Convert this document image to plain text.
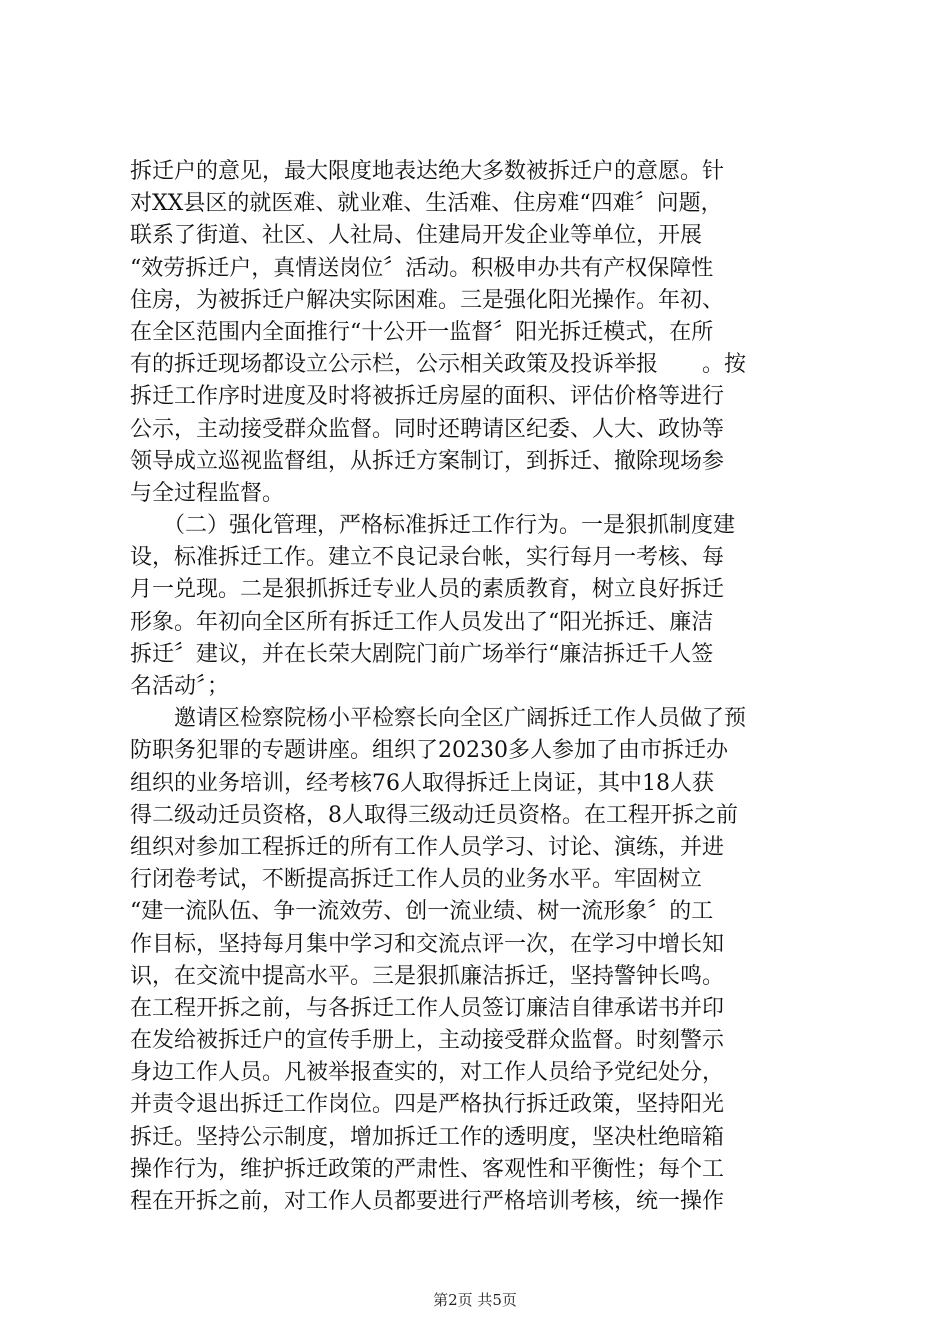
拆迁户的意见，最大限度地表达绝大多数被拆迁户的意愿。针
对XX县区的就医难、就业难、生活难、住房难“四难〞问题，
联系了街道、社区、人社局、住建局开发企业等单位，开展
“效劳拆迁户，真情送岗位〞活动。积极申办共有产权保障性
住房，为被拆迁户解决实际困难。三是强化阳光操作。年初、
在全区范围内全面推行“十公开一监督〞阳光拆迁模式，在所
有的拆迁现场都设立公示栏，公示相关政策及投诉举报　　。按
拆迁工作序时进度及时将被拆迁房屋的面积、评估价格等进行
公示，主动接受群众监督。同时还聘请区纪委、人大、政协等
领导成立巡视监督组，从拆迁方案制订，到拆迁、撤除现场参
与全过程监督。
　　（二）强化管理，严格标准拆迁工作行为。一是狠抓制度建
设，标准拆迁工作。建立不良记录台帐，实行每月一考核、每
月一兑现。二是狠抓拆迁专业人员的素质教育，树立良好拆迁
形象。年初向全区所有拆迁工作人员发出了“阳光拆迁、廉洁
拆迁〞建议，并在长荣大剧院门前广场举行“廉洁拆迁千人签
名活动〞；
　　邀请区检察院杨小平检察长向全区广阔拆迁工作人员做了预
防职务犯罪的专题讲座。组织了20230多人参加了由市拆迁办
组织的业务培训，经考核76人取得拆迁上岗证，其中18人获
得二级动迁员资格，8人取得三级动迁员资格。在工程开拆之前
组织对参加工程拆迁的所有工作人员学习、讨论、演练，并进
行闭卷考试，不断提高拆迁工作人员的业务水平。牢固树立
“建一流队伍、争一流效劳、创一流业绩、树一流形象〞的工
作目标，坚持每月集中学习和交流点评一次，在学习中增长知
识，在交流中提高水平。三是狠抓廉洁拆迁，坚持警钟长鸣。
在工程开拆之前，与各拆迁工作人员签订廉洁自律承诺书并印
在发给被拆迁户的宣传手册上，主动接受群众监督。时刻警示
身边工作人员。凡被举报查实的，对工作人员给予党纪处分，
并责令退出拆迁工作岗位。四是严格执行拆迁政策，坚持阳光
拆迁。坚持公示制度，增加拆迁工作的透明度，坚决杜绝暗箱
操作行为，维护拆迁政策的严肃性、客观性和平衡性；每个工
程在开拆之前，对工作人员都要进行严格培训考核，统一操作
第2页 共5页
